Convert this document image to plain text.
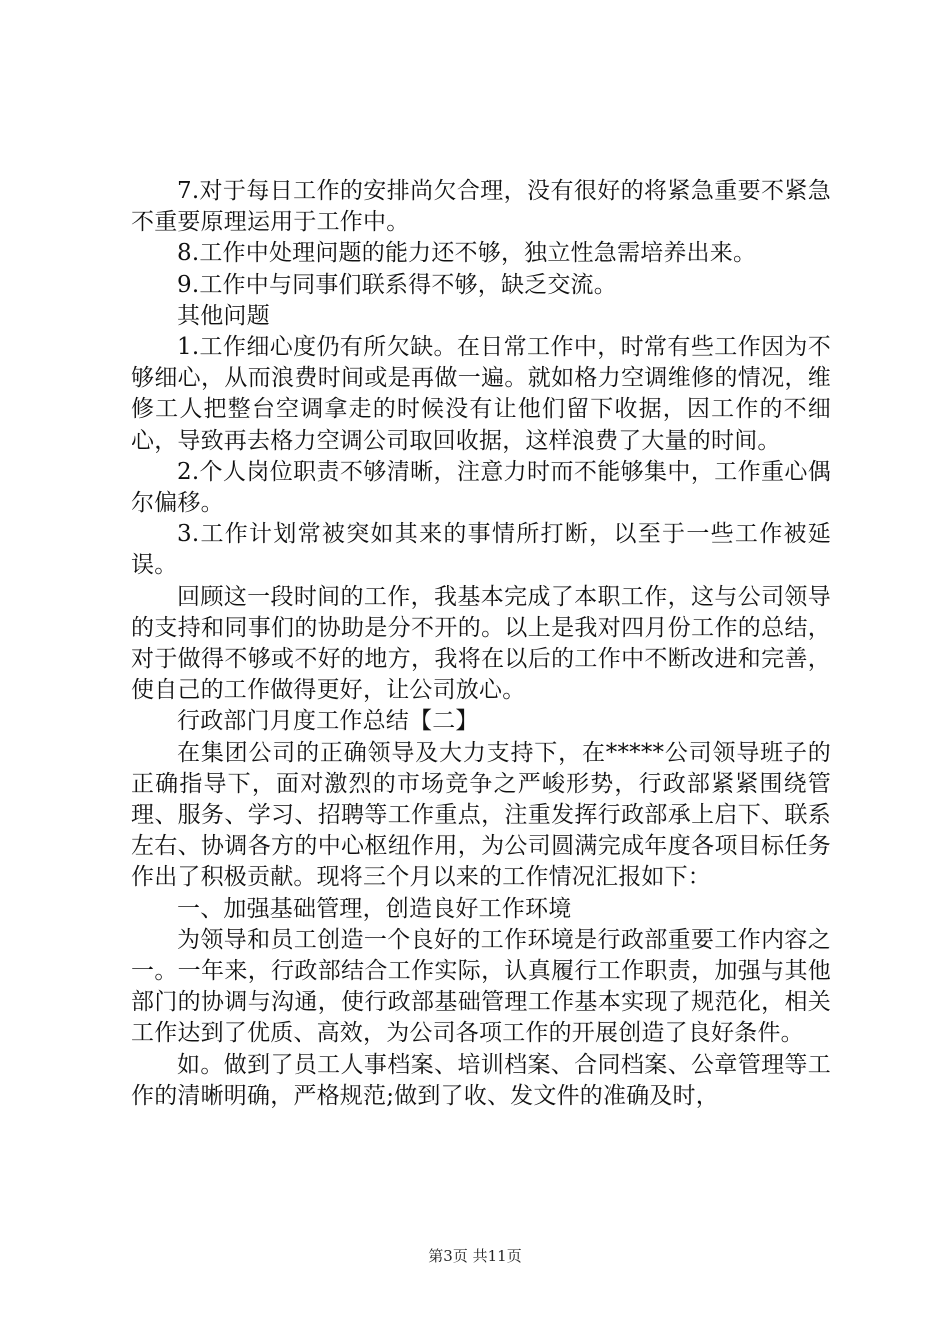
7.对于每日工作的安排尚欠合理，没有很好的将紧急重要不紧急不重要原理运用于工作中。

8.工作中处理问题的能力还不够，独立性急需培养出来。

9.工作中与同事们联系得不够，缺乏交流。

其他问题

1.工作细心度仍有所欠缺。在日常工作中，时常有些工作因为不够细心，从而浪费时间或是再做一遍。就如格力空调维修的情况，维修工人把整台空调拿走的时候没有让他们留下收据，因工作的不细心，导致再去格力空调公司取回收据，这样浪费了大量的时间。

2.个人岗位职责不够清晰，注意力时而不能够集中，工作重心偶尔偏移。

3.工作计划常被突如其来的事情所打断，以至于一些工作被延误。

回顾这一段时间的工作，我基本完成了本职工作，这与公司领导的支持和同事们的协助是分不开的。以上是我对四月份工作的总结，对于做得不够或不好的地方，我将在以后的工作中不断改进和完善，使自己的工作做得更好，让公司放心。

行政部门月度工作总结【二】

在集团公司的正确领导及大力支持下，在*****公司领导班子的正确指导下，面对激烈的市场竞争之严峻形势，行政部紧紧围绕管理、服务、学习、招聘等工作重点，注重发挥行政部承上启下、联系左右、协调各方的中心枢纽作用，为公司圆满完成年度各项目标任务作出了积极贡献。现将三个月以来的工作情况汇报如下：

一、加强基础管理，创造良好工作环境

为领导和员工创造一个良好的工作环境是行政部重要工作内容之一。一年来，行政部结合工作实际，认真履行工作职责，加强与其他部门的协调与沟通，使行政部基础管理工作基本实现了规范化，相关工作达到了优质、高效，为公司各项工作的开展创造了良好条件。

如。做到了员工人事档案、培训档案、合同档案、公章管理等工作的清晰明确，严格规范;做到了收、发文件的准确及时，

第3页 共11页
